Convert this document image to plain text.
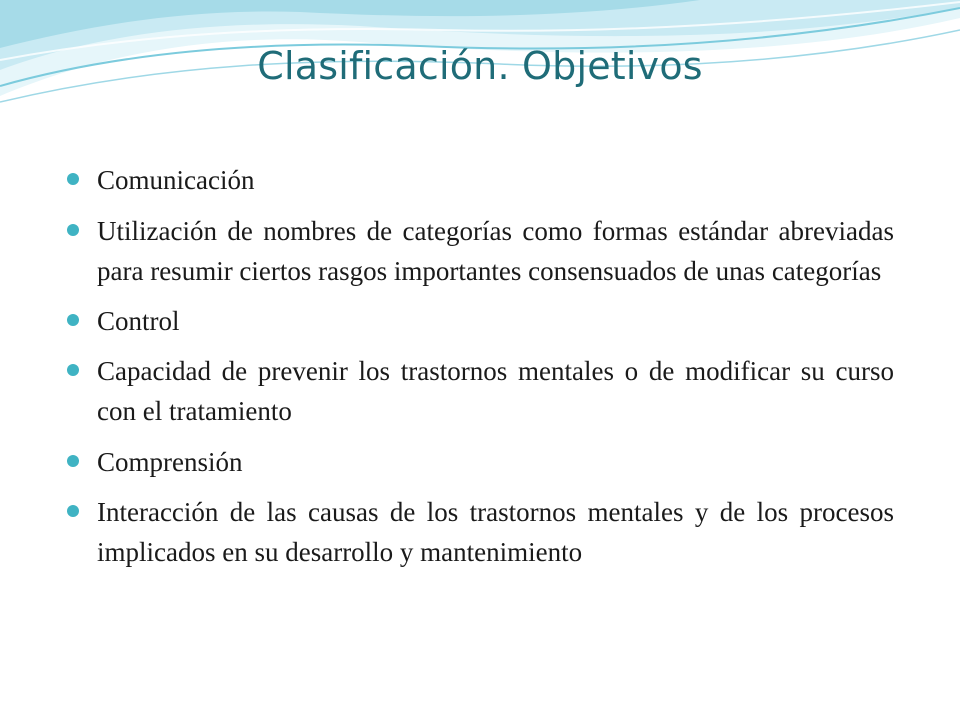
Clasificación. Objetivos
Comunicación
Utilización de nombres de categorías como formas estándar abreviadas para resumir ciertos rasgos importantes consensuados de unas categorías
Control
Capacidad de prevenir los trastornos mentales o de modificar su curso con el tratamiento
Comprensión
Interacción de las causas de los trastornos mentales y de los procesos implicados en su desarrollo y mantenimiento
